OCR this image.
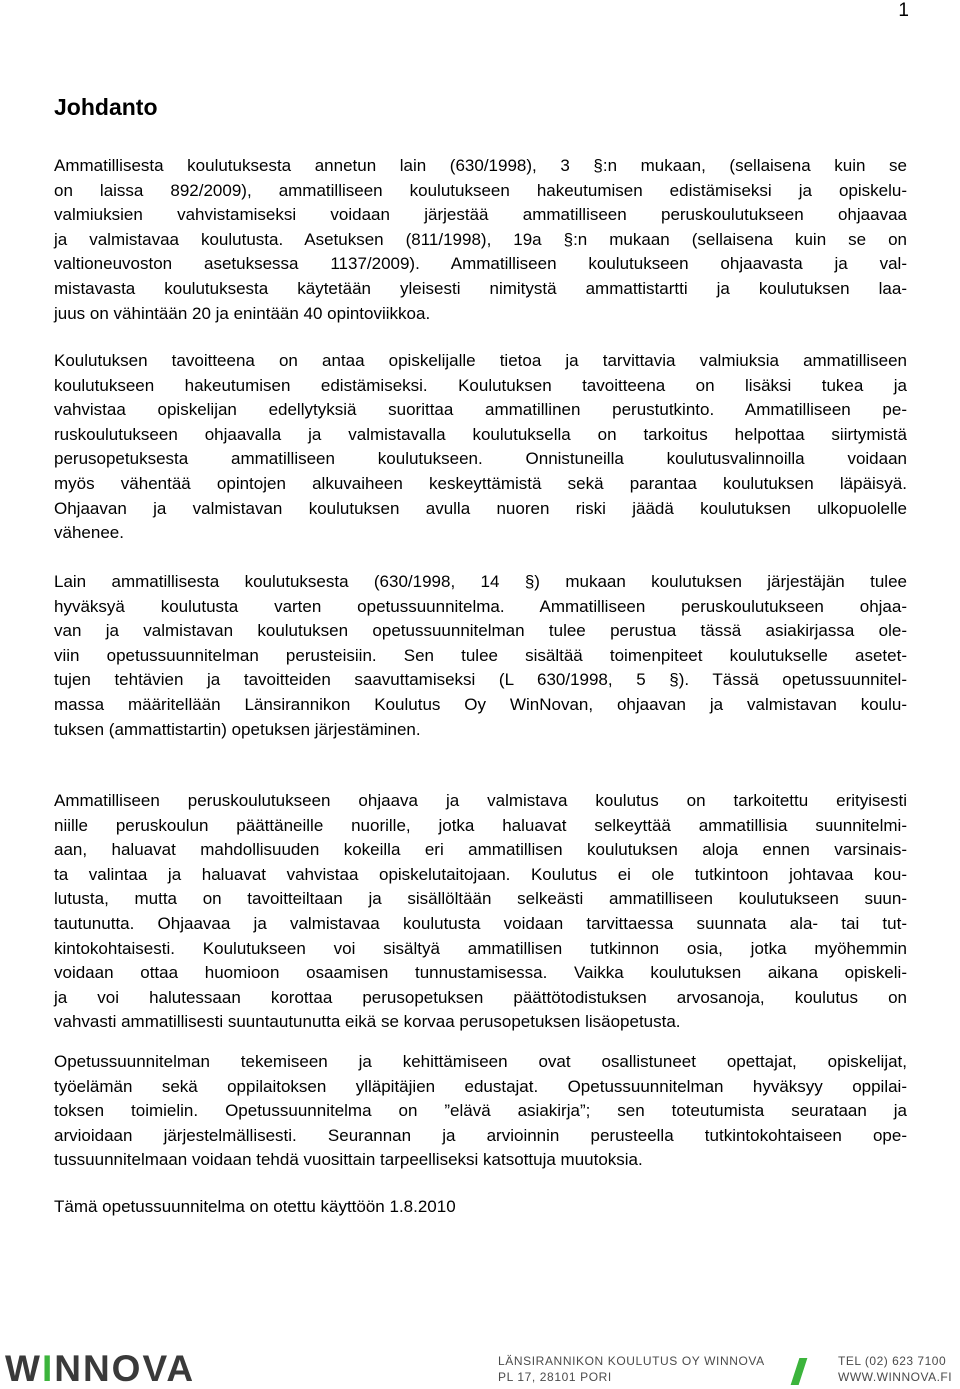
1
Johdanto
Ammatillisesta koulutuksesta annetun lain (630/1998), 3 §:n mukaan, (sellaisena kuin se
on laissa 892/2009), ammatilliseen koulutukseen hakeutumisen edistämiseksi ja opiskelu-
valmiuksien vahvistamiseksi voidaan järjestää ammatilliseen peruskoulutukseen ohjaavaa
ja valmistavaa koulutusta. Asetuksen (811/1998), 19a §:n mukaan (sellaisena kuin se on
valtioneuvoston asetuksessa 1137/2009). Ammatilliseen koulutukseen ohjaavasta ja val-
mistavasta koulutuksesta käytetään yleisesti nimitystä ammattistartti ja koulutuksen laa-
juus on vähintään 20 ja enintään 40 opintoviikkoa.
Koulutuksen tavoitteena on antaa opiskelijalle tietoa ja tarvittavia valmiuksia ammatilliseen
koulutukseen hakeutumisen edistämiseksi. Koulutuksen tavoitteena on lisäksi tukea ja
vahvistaa opiskelijan edellytyksiä suorittaa ammatillinen perustutkinto. Ammatilliseen pe-
ruskoulutukseen ohjaavalla ja valmistavalla koulutuksella on tarkoitus helpottaa siirtymistä
perusopetuksesta ammatilliseen koulutukseen. Onnistuneilla koulutusvalinnoilla voidaan
myös vähentää opintojen alkuvaiheen keskeyttämistä sekä parantaa koulutuksen läpäisyä.
Ohjaavan ja valmistavan koulutuksen avulla nuoren riski jäädä koulutuksen ulkopuolelle
vähenee.
Lain ammatillisesta koulutuksesta (630/1998, 14 §) mukaan koulutuksen järjestäjän tulee
hyväksyä koulutusta varten opetussuunnitelma. Ammatilliseen peruskoulutukseen ohjaa-
van ja valmistavan koulutuksen opetussuunnitelman tulee perustua tässä asiakirjassa ole-
viin opetussuunnitelman perusteisiin. Sen tulee sisältää toimenpiteet koulutukselle asetet-
tujen tehtävien ja tavoitteiden saavuttamiseksi (L 630/1998, 5 §). Tässä opetussuunnitel-
massa määritellään Länsirannikon Koulutus Oy WinNovan, ohjaavan ja valmistavan koulu-
tuksen (ammattistartin) opetuksen järjestäminen.
Ammatilliseen peruskoulutukseen ohjaava ja valmistava koulutus on tarkoitettu erityisesti
niille peruskoulun päättäneille nuorille, jotka haluavat selkeyttää ammatillisia suunnitelmi-
aan, haluavat mahdollisuuden kokeilla eri ammatillisen koulutuksen aloja ennen varsinais-
ta valintaa ja haluavat vahvistaa opiskelutaitojaan. Koulutus ei ole tutkintoon johtavaa kou-
lutusta, mutta on tavoitteiltaan ja sisällöltään selkeästi ammatilliseen koulutukseen suun-
tautunutta. Ohjaavaa ja valmistavaa koulutusta voidaan tarvittaessa suunnata ala- tai tut-
kintokohtaisesti. Koulutukseen voi sisältyä ammatillisen tutkinnon osia, jotka myöhemmin
voidaan ottaa huomioon osaamisen tunnustamisessa. Vaikka koulutuksen aikana opiskeli-
ja voi halutessaan korottaa perusopetuksen päättötodistuksen arvosanoja, koulutus on
vahvasti ammatillisesti suuntautunutta eikä se korvaa perusopetuksen lisäopetusta.
Opetussuunnitelman tekemiseen ja kehittämiseen ovat osallistuneet opettajat, opiskelijat,
työelämän sekä oppilaitoksen ylläpitäjien edustajat. Opetussuunnitelman hyväksyy oppilai-
toksen toimielin. Opetussuunnitelma on ”elävä asiakirja”; sen toteutumista seurataan ja
arvioidaan järjestelmällisesti. Seurannan ja arvioinnin perusteella tutkintokohtaiseen ope-
tussuunnitelmaan voidaan tehdä vuosittain tarpeelliseksi katsottuja muutoksia.
Tämä opetussuunnitelma on otettu käyttöön 1.8.2010
WINNOVA	LÄNSIRANNIKON KOULUTUS OY WINNOVA
PL 17, 28101 PORI
TEL (02) 623 7100
WWW.WINNOVA.FI
